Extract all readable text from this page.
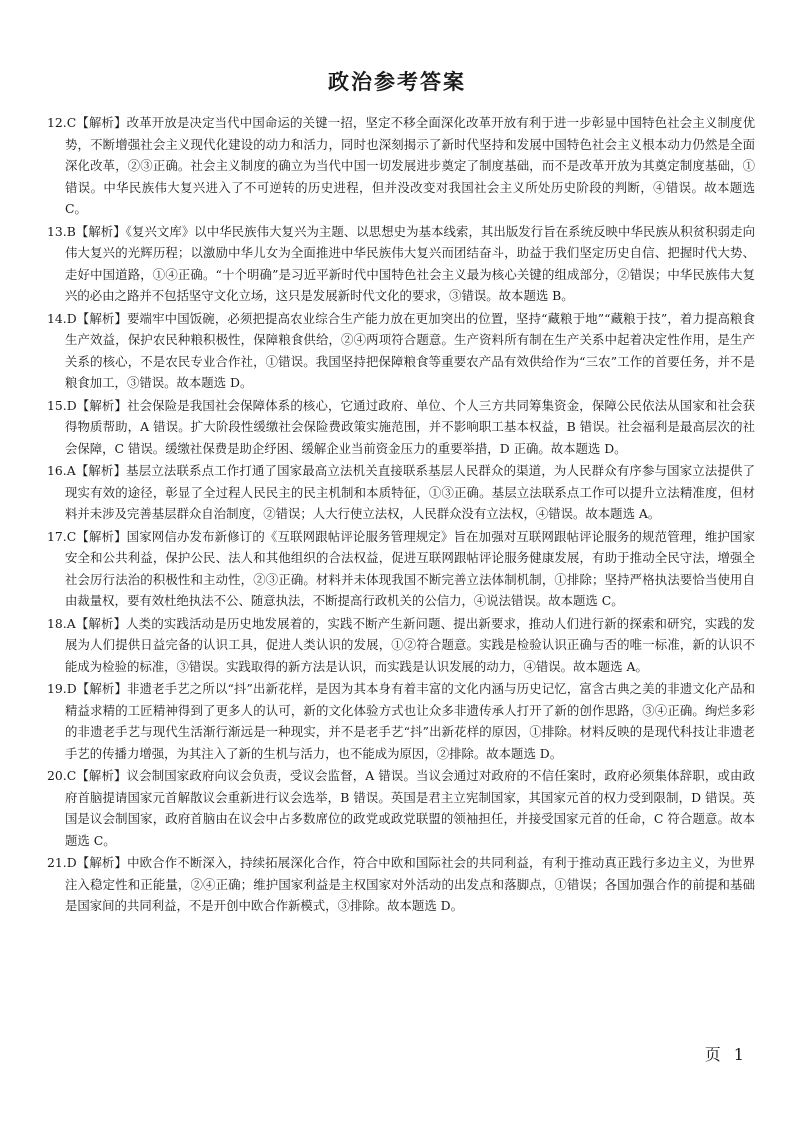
政治参考答案

12.C【解析】改革开放是决定当代中国命运的关键一招，坚定不移全面深化改革开放有利于进一步彰显中国特色社会主义制度优势，不断增强社会主义现代化建设的动力和活力，同时也深刻揭示了新时代坚持和发展中国特色社会主义根本动力仍然是全面深化改革，②③正确。社会主义制度的确立为当代中国一切发展进步奠定了制度基础，而不是改革开放为其奠定制度基础，①错误。中华民族伟大复兴进入了不可逆转的历史进程，但并没改变对我国社会主义所处历史阶段的判断，④错误。故本题选 C。

13.B【解析】《复兴文库》以中华民族伟大复兴为主题、以思想史为基本线索，其出版发行旨在系统反映中华民族从积贫积弱走向伟大复兴的光辉历程；以激励中华儿女为全面推进中华民族伟大复兴而团结奋斗，助益于我们坚定历史自信、把握时代大势、走好中国道路，①④正确。“十个明确”是习近平新时代中国特色社会主义最为核心关键的组成部分，②错误；中华民族伟大复兴的必由之路并不包括坚守文化立场，这只是发展新时代文化的要求，③错误。故本题选 B。

14.D【解析】要端牢中国饭碗，必须把提高农业综合生产能力放在更加突出的位置，坚持“藏粮于地”“藏粮于技”，着力提高粮食生产效益，保护农民种粮积极性，保障粮食供给，②④两项符合题意。生产资料所有制在生产关系中起着决定性作用，是生产关系的核心，不是农民专业合作社，①错误。我国坚持把保障粮食等重要农产品有效供给作为“三农”工作的首要任务，并不是粮食加工，③错误。故本题选 D。

15.D【解析】社会保险是我国社会保障体系的核心，它通过政府、单位、个人三方共同筹集资金，保障公民依法从国家和社会获得物质帮助，A 错误。扩大阶段性缓缴社会保险费政策实施范围，并不影响职工基本权益，B 错误。社会福利是最高层次的社会保障，C 错误。缓缴社保费是助企纾困、缓解企业当前资金压力的重要举措，D 正确。故本题选 D。

16.A【解析】基层立法联系点工作打通了国家最高立法机关直接联系基层人民群众的渠道，为人民群众有序参与国家立法提供了现实有效的途径，彰显了全过程人民民主的民主机制和本质特征，①③正确。基层立法联系点工作可以提升立法精准度，但材料并未涉及完善基层群众自治制度，②错误；人大行使立法权，人民群众没有立法权，④错误。故本题选 A。

17.C【解析】国家网信办发布新修订的《互联网跟帖评论服务管理规定》旨在加强对互联网跟帖评论服务的规范管理，维护国家安全和公共利益，保护公民、法人和其他组织的合法权益，促进互联网跟帖评论服务健康发展，有助于推动全民守法，增强全社会厉行法治的积极性和主动性，②③正确。材料并未体现我国不断完善立法体制机制，①排除；坚持严格执法要恰当使用自由裁量权，要有效杜绝执法不公、随意执法，不断提高行政机关的公信力，④说法错误。故本题选 C。

18.A【解析】人类的实践活动是历史地发展着的，实践不断产生新问题、提出新要求，推动人们进行新的探索和研究，实践的发展为人们提供日益完备的认识工具，促进人类认识的发展，①②符合题意。实践是检验认识正确与否的唯一标准，新的认识不能成为检验的标准，③错误。实践取得的新方法是认识，而实践是认识发展的动力，④错误。故本题选 A。

19.D【解析】非遗老手艺之所以“抖”出新花样，是因为其本身有着丰富的文化内涵与历史记忆，富含古典之美的非遗文化产品和精益求精的工匠精神得到了更多人的认可，新的文化体验方式也让众多非遗传承人打开了新的创作思路，③④正确。绚烂多彩的非遗老手艺与现代生活渐行渐远是一种现实，并不是老手艺“抖”出新花样的原因，①排除。材料反映的是现代科技让非遗老手艺的传播力增强，为其注入了新的生机与活力，也不能成为原因，②排除。故本题选 D。

20.C【解析】议会制国家政府向议会负责，受议会监督，A 错误。当议会通过对政府的不信任案时，政府必须集体辞职，或由政府首脑提请国家元首解散议会重新进行议会选举，B 错误。英国是君主立宪制国家，其国家元首的权力受到限制，D 错误。英国是议会制国家，政府首脑由在议会中占多数席位的政党或政党联盟的领袖担任，并接受国家元首的任命，C 符合题意。故本题选 C。

21.D【解析】中欧合作不断深入，持续拓展深化合作，符合中欧和国际社会的共同利益，有利于推动真正践行多边主义，为世界注入稳定性和正能量，②④正确；维护国家利益是主权国家对外活动的出发点和落脚点，①错误；各国加强合作的前提和基础是国家间的共同利益，不是开创中欧合作新模式，③排除。故本题选 D。

页 1
